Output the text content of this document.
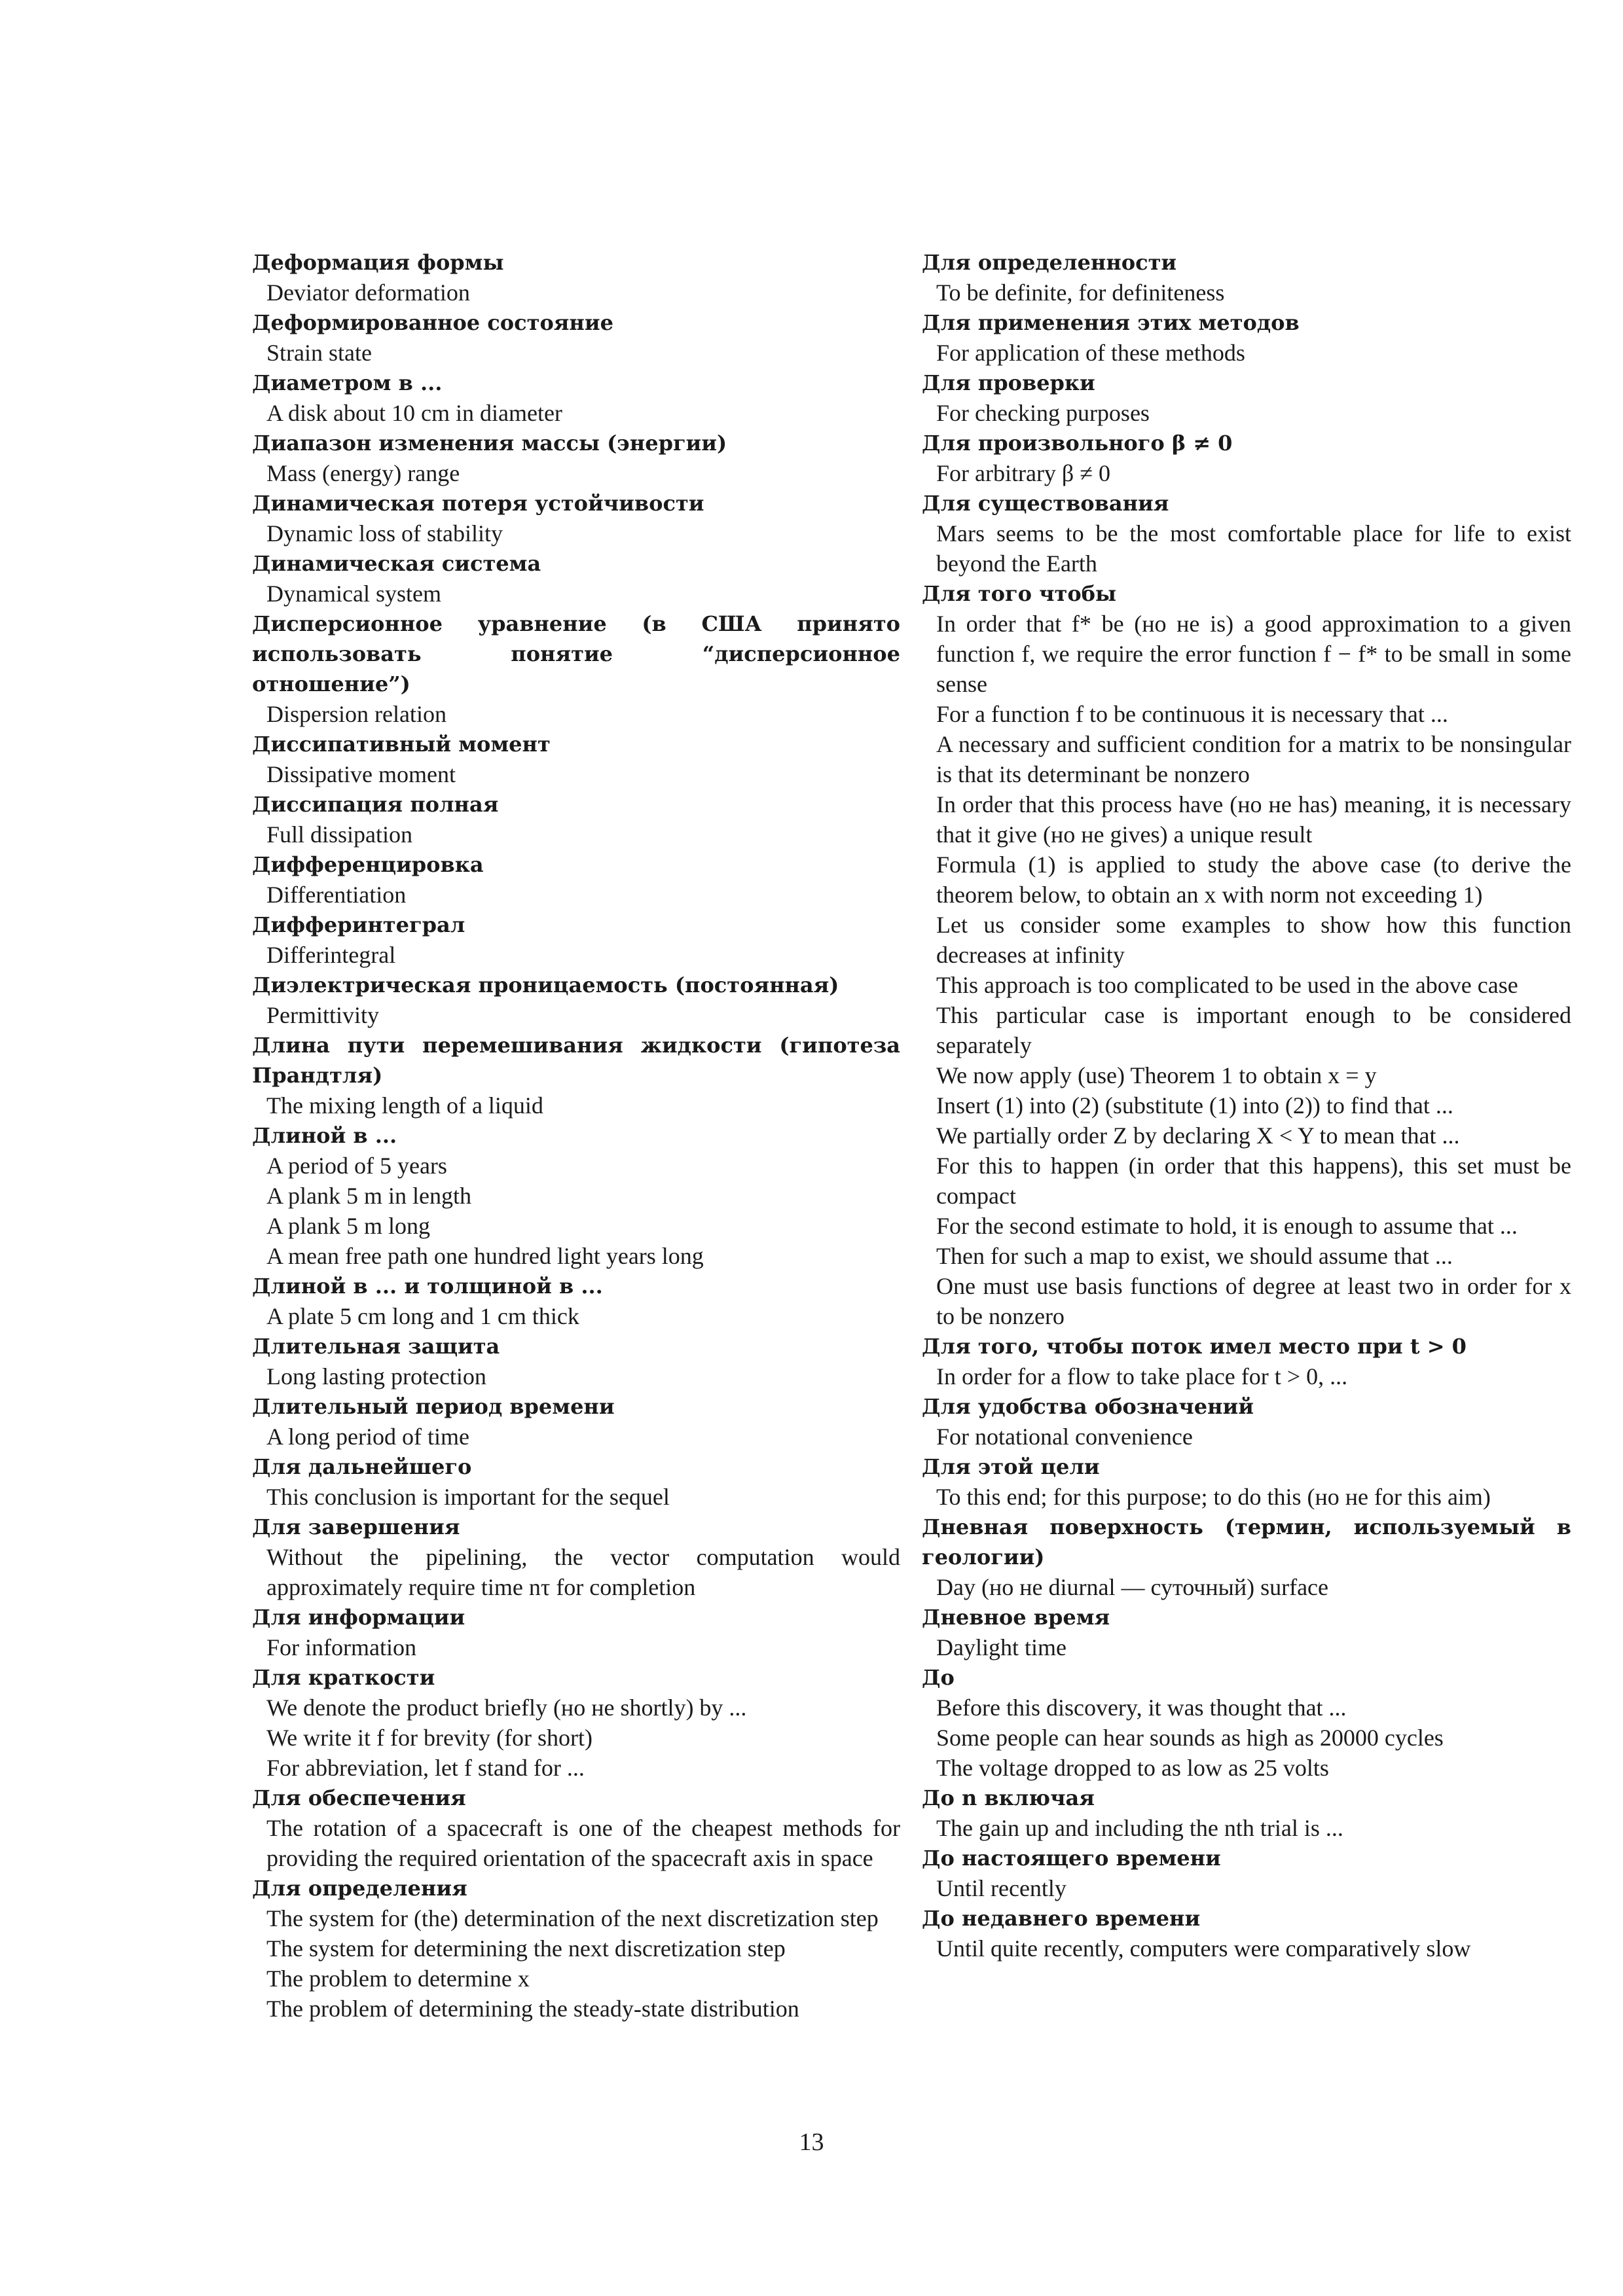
Деформация формы

Deviator deformation

Деформированное состояние

Strain state

Диаметром в ...

A disk about 10 cm in diameter

Диапазон изменения массы (энергии)

Mass (energy) range

Динамическая потеря устойчивости

Dynamic loss of stability

Динамическая система

Dynamical system

Дисперсионное уравнение (в США принято использовать понятие “дисперсионное отношение”)

Dispersion relation

Диссипативный момент

Dissipative moment

Диссипация полная

Full dissipation

Дифференцировка

Differentiation

Дифферинтеграл

Differintegral

Диэлектрическая проницаемость (постоянная)

Permittivity

Длина пути перемешивания жидкости (гипотеза Прандтля)

The mixing length of a liquid

Длиной в ...

A period of 5 years

A plank 5 m in length

A plank 5 m long

A mean free path one hundred light years long

Длиной в ... и толщиной в ...

A plate 5 cm long and 1 cm thick

Длительная защита

Long lasting protection

Длительный период времени

A long period of time

Для дальнейшего

This conclusion is important for the sequel

Для завершения

Without the pipelining, the vector computation would approximately require time nτ for completion

Для информации

For information

Для краткости

We denote the product briefly (но не shortly) by ...

We write it f for brevity (for short)

For abbreviation, let f stand for ...

Для обеспечения

The rotation of a spacecraft is one of the cheapest methods for providing the required orientation of the spacecraft axis in space

Для определения

The system for (the) determination of the next discretization step

The system for determining the next discretization step

The problem to determine x

The problem of determining the steady-state distribution

Для определенности

To be definite, for definiteness

Для применения этих методов

For application of these methods

Для проверки

For checking purposes

Для произвольного β ≠ 0

For arbitrary β ≠ 0

Для существования

Mars seems to be the most comfortable place for life to exist beyond the Earth

Для того чтобы

In order that f* be (но не is) a good approximation to a given function f, we require the error function f − f* to be small in some sense

For a function f to be continuous it is necessary that ...

A necessary and sufficient condition for a matrix to be nonsingular is that its determinant be nonzero

In order that this process have (но не has) meaning, it is necessary that it give (но не gives) a unique result

Formula (1) is applied to study the above case (to derive the theorem below, to obtain an x with norm not exceeding 1)

Let us consider some examples to show how this function decreases at infinity

This approach is too complicated to be used in the above case

This particular case is important enough to be considered separately

We now apply (use) Theorem 1 to obtain x = y

Insert (1) into (2) (substitute (1) into (2)) to find that ...

We partially order Z by declaring X < Y to mean that ...

For this to happen (in order that this happens), this set must be compact

For the second estimate to hold, it is enough to assume that ...

Then for such a map to exist, we should assume that ...

One must use basis functions of degree at least two in order for x to be nonzero

Для того, чтобы поток имел место при t > 0

In order for a flow to take place for t > 0, ...

Для удобства обозначений

For notational convenience

Для этой цели

To this end; for this purpose; to do this (но не for this aim)

Дневная поверхность (термин, используемый в геологии)

Day (но не diurnal — суточный) surface

Дневное время

Daylight time

До

Before this discovery, it was thought that ...

Some people can hear sounds as high as 20000 cycles

The voltage dropped to as low as 25 volts

До n включая

The gain up and including the nth trial is ...

До настоящего времени

Until recently

До недавнего времени

Until quite recently, computers were comparatively slow

13
